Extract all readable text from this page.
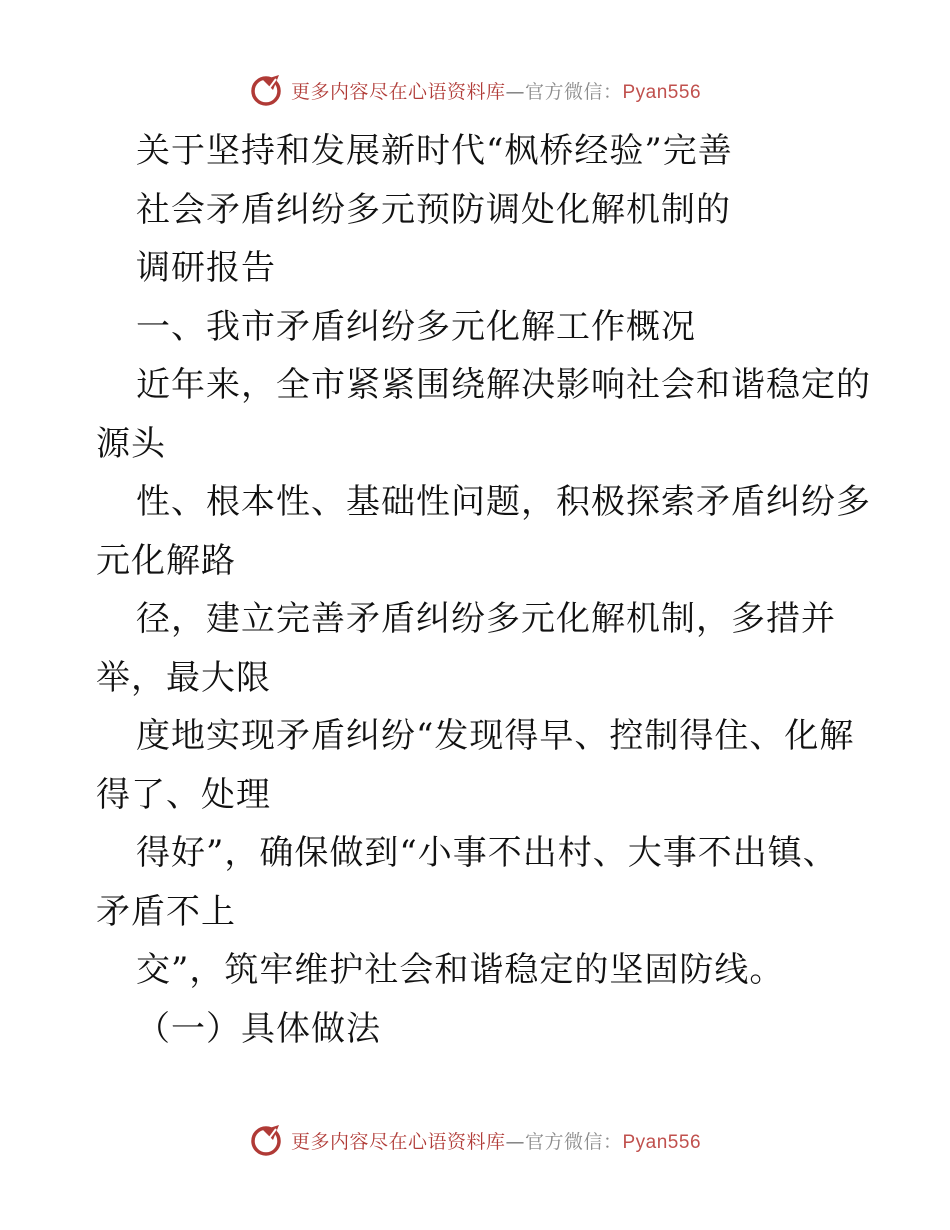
更多内容尽在心语资料库—官方微信：Pyan556
关于坚持和发展新时代“枫桥经验”完善
社会矛盾纠纷多元预防调处化解机制的
调研报告
一、我市矛盾纠纷多元化解工作概况
近年来，全市紧紧围绕解决影响社会和谐稳定的
源头
性、根本性、基础性问题，积极探索矛盾纠纷多
元化解路
径，建立完善矛盾纠纷多元化解机制，多措并
举，最大限
度地实现矛盾纠纷“发现得早、控制得住、化解
得了、处理
得好”，确保做到“小事不出村、大事不出镇、
矛盾不上
交”，筑牢维护社会和谐稳定的坚固防线。
（一）具体做法
更多内容尽在心语资料库—官方微信：Pyan556
